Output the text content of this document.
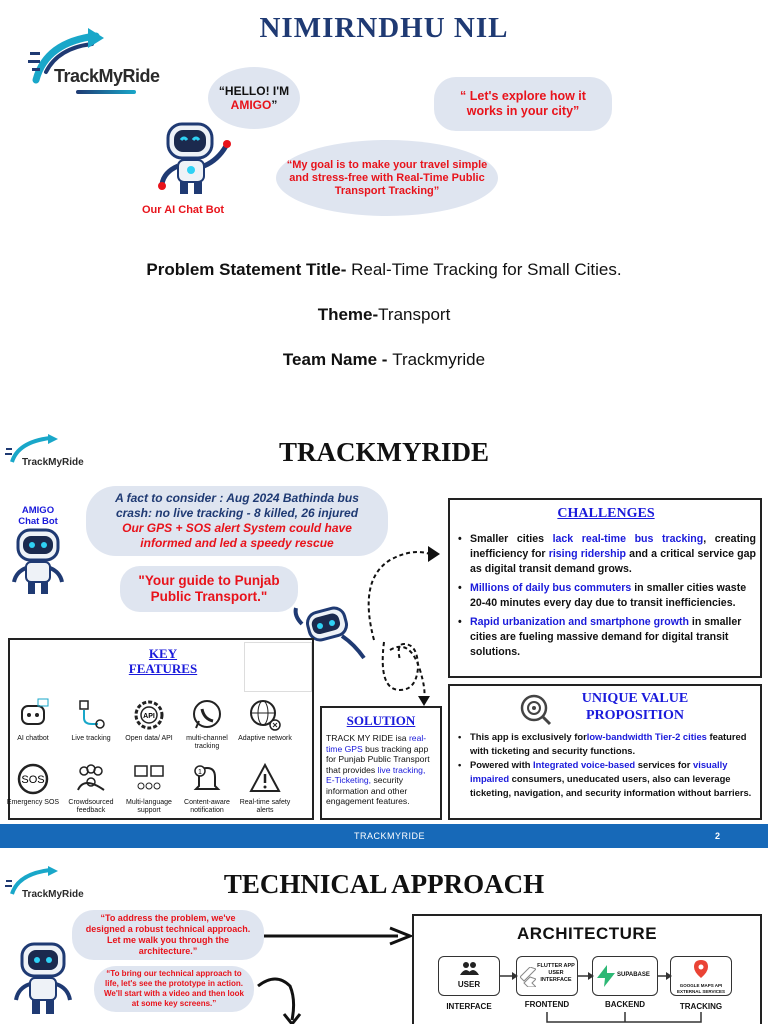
NIMIRNDHU NIL
TrackMyRide
“HELLO! I'M
AMIGO”
“ Let's explore how it works in your city”
“My goal is to make your travel simple and stress-free with Real-Time Public Transport Tracking”
Our AI Chat Bot
Problem Statement Title- Real-Time Tracking for Small Cities.
Theme-Transport
Team Name - Trackmyride
TrackMyRide	TRACKMYRIDE
AMIGO Chat Bot
A fact to consider : Aug 2024 Bathinda bus crash: no live tracking - 8 killed, 26 injured
Our GPS + SOS alert System could have informed and led a speedy rescue
"Your guide to Punjab Public Transport."
CHALLENGES
• Smaller cities lack real-time bus tracking, creating inefficiency for rising ridership and a critical service gap as digital transit demand grows.
• Millions of daily bus commuters in smaller cities waste 20-40 minutes every day due to transit inefficiencies.
• Rapid urbanization and smartphone growth in smaller cities are fueling massive demand for digital transit solutions.
KEY
FEATURES
AI chatbot	Live tracking
API
Open data/ API	multi-channel tracking
Adaptive network
SOS
Emergency SOS	Crowdsourced feedback
Multi-language support
1
Content-aware notification
Real-time safety alerts
SOLUTION
TRACK MY RIDE isa real-time GPS bus tracking app for Punjab Public Transport that provides live tracking, E-Ticketing, security information and other engagement features.
UNIQUE VALUE
PROPOSITION
• This app is exclusively forlow-bandwidth Tier-2 cities featured with ticketing and security functions.
• Powered with Integrated voice-based services for visually impaired consumers, uneducated users, also can leverage ticketing, navigation, and security information without barriers.
TRACKMYRIDE	2
TrackMyRide	TECHNICAL APPROACH
“To address the problem, we've designed a robust technical approach. Let me walk you through the architecture.”
“To bring our technical approach to life, let's see the prototype in action. We'll start with a video and then look at some key screens.”
ARCHITECTURE
USER
INTERFACE
FLUTTER APP USER INTERFACE
FRONTEND
SUPABASE
BACKEND
GOOGLE MAPS API EXTERNAL SERVICES
TRACKING
